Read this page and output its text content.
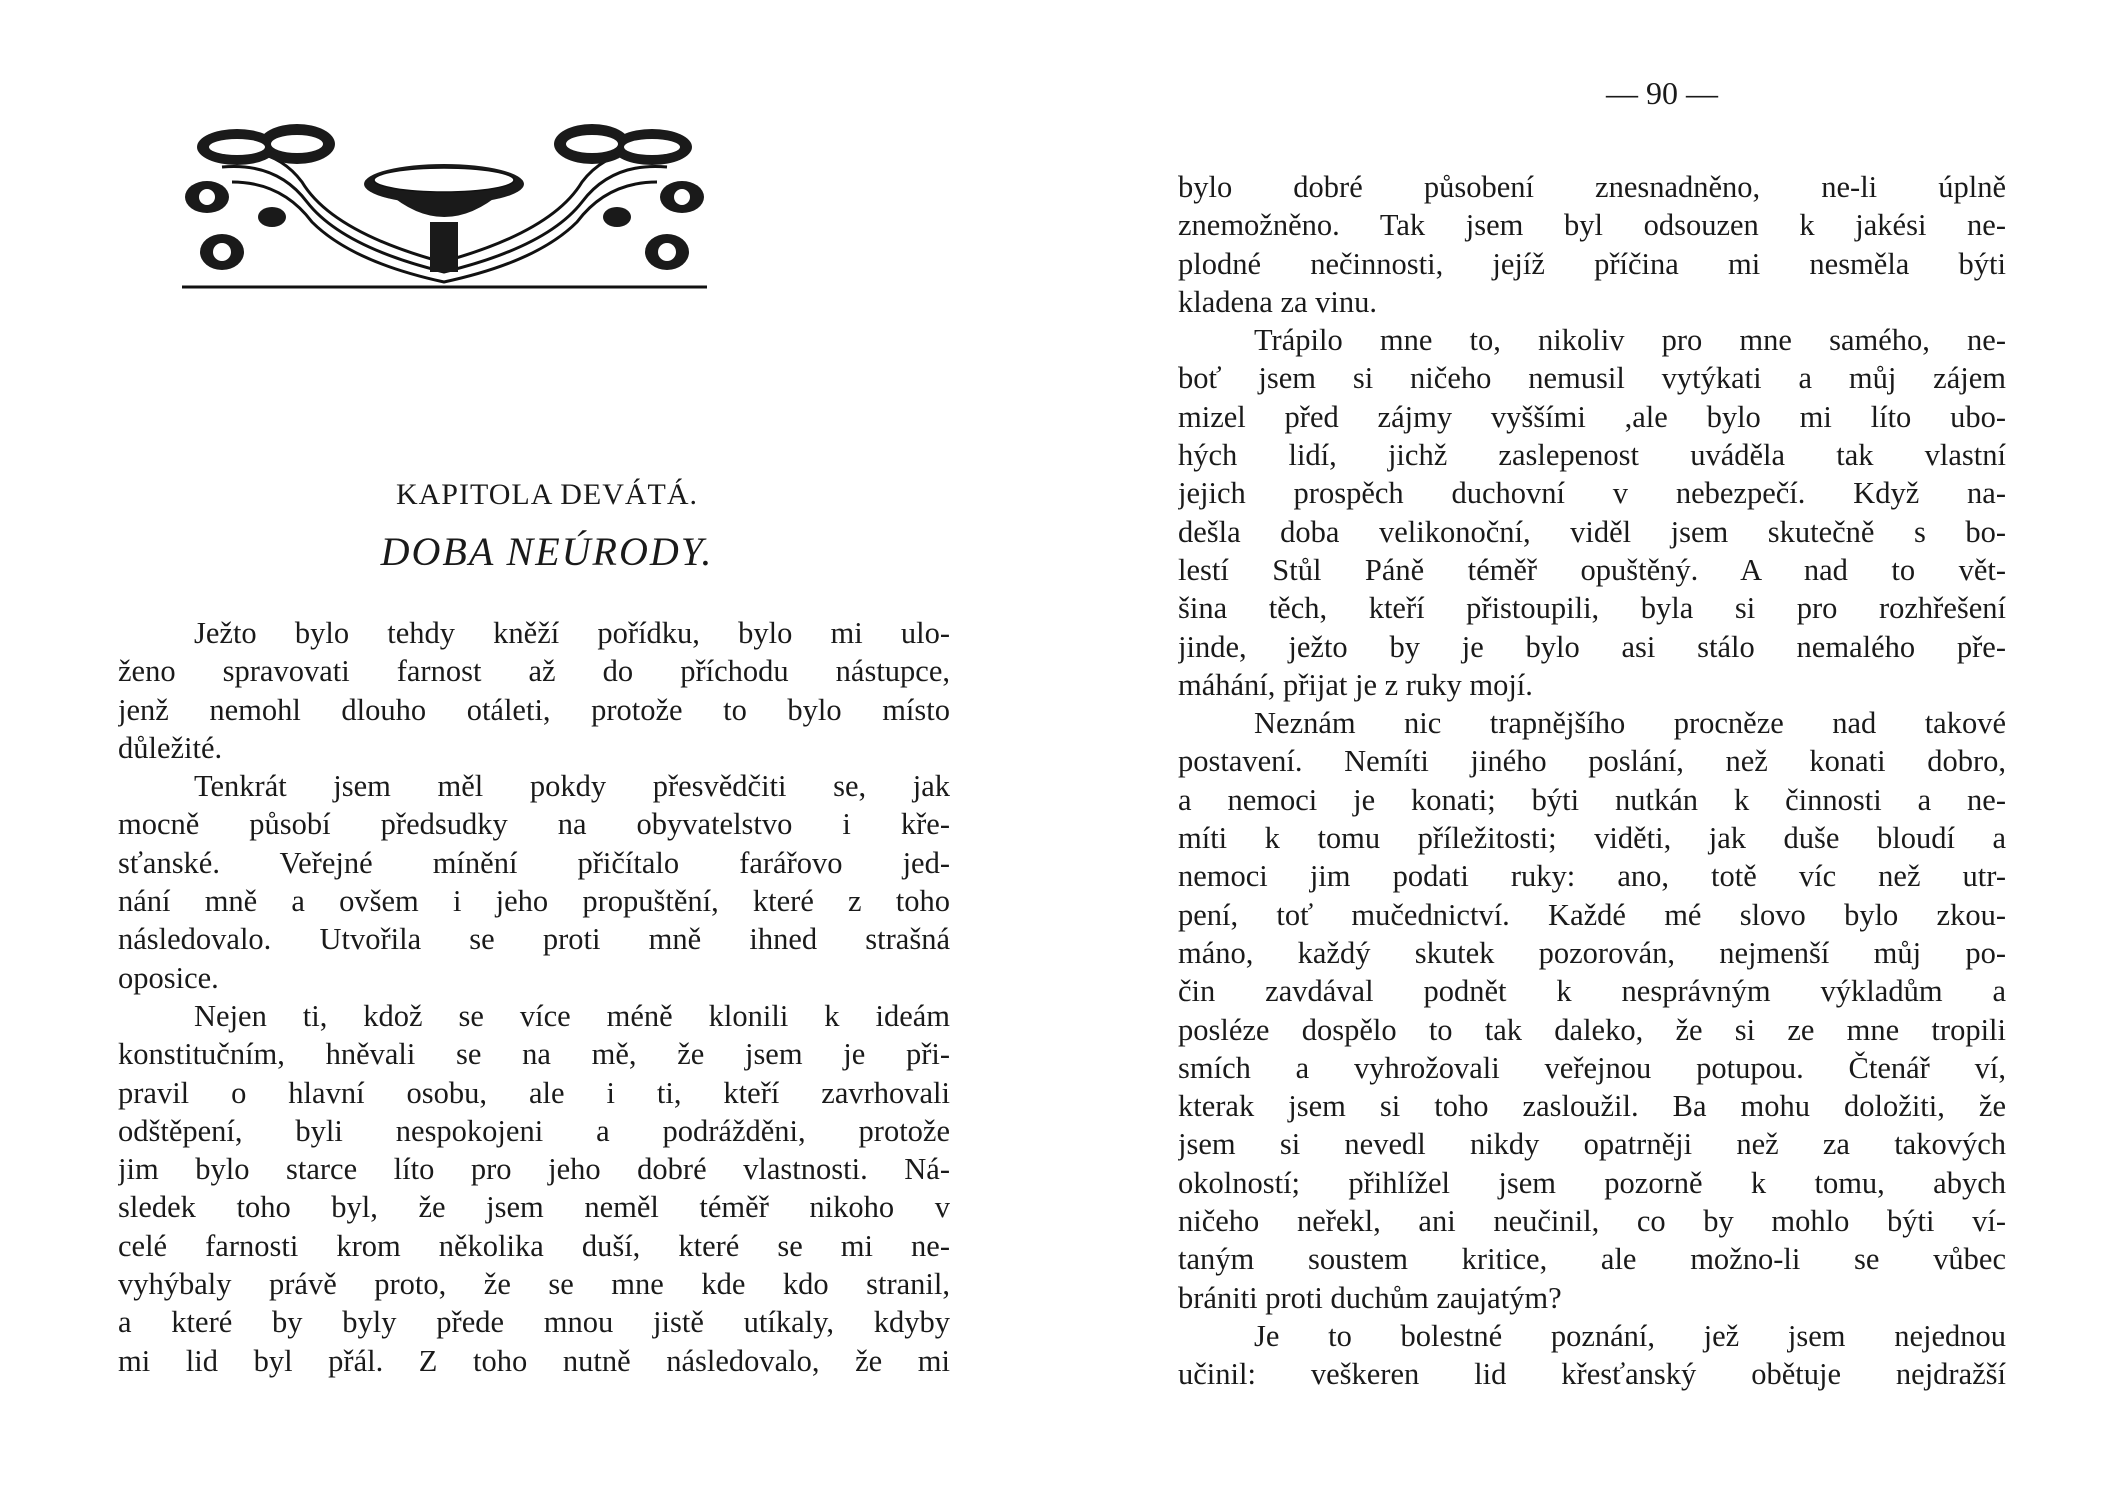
KAPITOLA DEVÁTÁ.
DOBA NEÚRODY.
Ježto bylo tehdy kněží pořídku, bylo mi ulo-
ženo spravovati farnost až do příchodu nástupce,
jenž nemohl dlouho otáleti, protože to bylo místo
důležité.
Tenkrát jsem měl pokdy přesvědčiti se, jak
mocně působí předsudky na obyvatelstvo i kře-
sťanské. Veřejné mínění přičítalo farářovo jed-
nání mně a ovšem i jeho propuštění, které z toho
následovalo. Utvořila se proti mně ihned strašná
oposice.
Nejen ti, kdož se více méně klonili k ideám
konstitučním, hněvali se na mě, že jsem je při-
pravil o hlavní osobu, ale i ti, kteří zavrhovali
odštěpení, byli nespokojeni a podrážděni, protože
jim bylo starce líto pro jeho dobré vlastnosti. Ná-
sledek toho byl, že jsem neměl téměř nikoho v
celé farnosti krom několika duší, které se mi ne-
vyhýbaly právě proto, že se mne kde kdo stranil,
a které by byly přede mnou jistě utíkaly, kdyby
mi lid byl přál. Z toho nutně následovalo, že mi
— 90 —
bylo dobré působení znesnadněno, ne-li úplně
znemožněno. Tak jsem byl odsouzen k jakési ne-
plodné nečinnosti, jejíž příčina mi nesměla býti
kladena za vinu.
Trápilo mne to, nikoliv pro mne samého, ne-
boť jsem si ničeho nemusil vytýkati a můj zájem
mizel před zájmy vyššími ,ale bylo mi líto ubo-
hých lidí, jichž zaslepenost uváděla tak vlastní
jejich prospěch duchovní v nebezpečí. Když na-
dešla doba velikonoční, viděl jsem skutečně s bo-
lestí Stůl Páně téměř opuštěný. A nad to vět-
šina těch, kteří přistoupili, byla si pro rozhřešení
jinde, ježto by je bylo asi stálo nemalého pře-
máhání, přijat je z ruky mojí.
Neznám nic trapnějšího procněze nad takové
postavení. Nemíti jiného poslání, než konati dobro,
a nemoci je konati; býti nutkán k činnosti a ne-
míti k tomu příležitosti; viděti, jak duše bloudí a
nemoci jim podati ruky: ano, totě víc než utr-
pení, toť mučednictví. Každé mé slovo bylo zkou-
máno, každý skutek pozorován, nejmenší můj po-
čin zavdával podnět k nesprávným výkladům a
posléze dospělo to tak daleko, že si ze mne tropili
smích a vyhrožovali veřejnou potupou. Čtenář ví,
kterak jsem si toho zasloužil. Ba mohu doložiti, že
jsem si nevedl nikdy opatrněji než za takových
okolností; přihlížel jsem pozorně k tomu, abych
ničeho neřekl, ani neučinil, co by mohlo býti ví-
taným soustem kritice, ale možno-li se vůbec
brániti proti duchům zaujatým?
Je to bolestné poznání, jež jsem nejednou
učinil: veškeren lid křesťanský obětuje nejdražší
